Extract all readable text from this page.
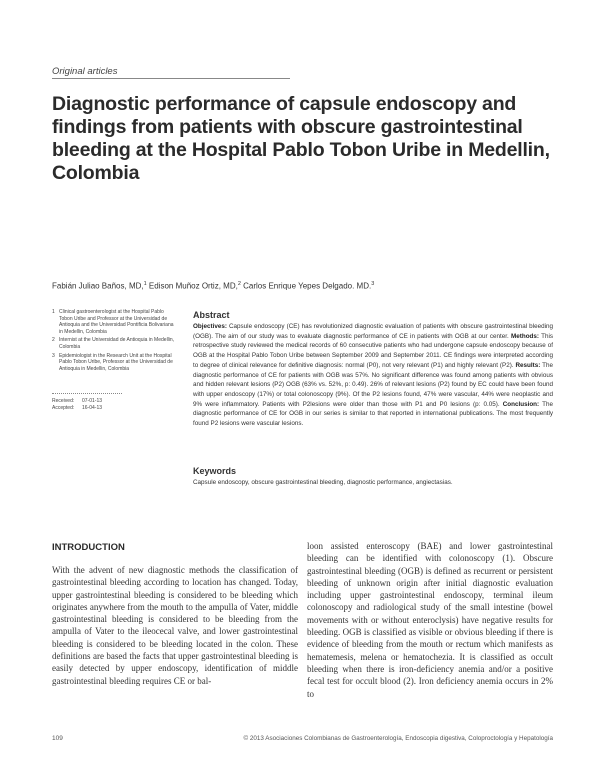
Original articles
Diagnostic performance of capsule endoscopy and findings from patients with obscure gastrointestinal bleeding at the Hospital Pablo Tobon Uribe in Medellin, Colombia
Fabián Juliao Baños, MD,$^1$ Edison Muñoz Ortiz, MD,$^2$ Carlos Enrique Yepes Delgado. MD.$^3$
1 Clinical gastroenterologist at the Hospital Pablo Tobon Uribe and Professor at the Universidad de Antioquia and the Universidad Pontificia Bolivariana in Medellin, Colombia
2 Internist at the Universidad de Antioquia in Medellin, Colombia
3 Epidemiologist in the Research Unit at the Hospital Pablo Tobon Uribe, Professor at the Universidad de Antioquia in Medellin, Colombia
Received:	07-01-13
Accepted:	16-04-13
Abstract
Objectives: Capsule endoscopy (CE) has revolutionized diagnostic evaluation of patients with obscure gastrointestinal bleeding (OGB). The aim of our study was to evaluate diagnostic performance of CE in patients with OGB at our center. Methods: This retrospective study reviewed the medical records of 60 consecutive patients who had undergone capsule endoscopy because of OGB at the Hospital Pablo Tobon Uribe between September 2009 and September 2011. CE findings were interpreted according to degree of clinical relevance for definitive diagnosis: normal (P0), not very relevant (P1) and highly relevant (P2). Results: The diagnostic performance of CE for patients with OGB was 57%. No significant difference was found among patients with obvious and hidden relevant lesions (P2) OGB (63% vs. 52%, p: 0.49). 26% of relevant lesions (P2) found by EC could have been found with upper endoscopy (17%) or total colonoscopy (9%). Of the P2 lesions found, 47% were vascular, 44% were neoplastic and 9% were inflammatory. Patients with P2lesions were older than those with P1 and P0 lesions (p: 0.05). Conclusion: The diagnostic performance of CE for OGB in our series is similar to that reported in international publications. The most frequently found P2 lesions were vascular lesions.
Keywords
Capsule endoscopy, obscure gastrointestinal bleeding, diagnostic performance, angiectasias.
INTRODUCTION
With the advent of new diagnostic methods the classification of gastrointestinal bleeding according to location has changed. Today, upper gastrointestinal bleeding is considered to be bleeding which originates anywhere from the mouth to the ampulla of Vater, middle gastrointestinal bleeding is considered to be bleeding from the ampulla of Vater to the ileocecal valve, and lower gastrointestinal bleeding is considered to be bleeding located in the colon. These definitions are based the facts that upper gastrointestinal bleeding is easily detected by upper endoscopy, identification of middle gastrointestinal bleeding requires CE or bal-
loon assisted enteroscopy (BAE) and lower gastrointestinal bleeding can be identified with colonoscopy (1). Obscure gastrointestinal bleeding (OGB) is defined as recurrent or persistent bleeding of unknown origin after initial diagnostic evaluation including upper gastrointestinal endoscopy, terminal ileum colonoscopy and radiological study of the small intestine (bowel movements with or without enteroclysis) have negative results for bleeding. OGB is classified as visible or obvious bleeding if there is evidence of bleeding from the mouth or rectum which manifests as hematemesis, melena or hematochezia. It is classified as occult bleeding when there is iron-deficiency anemia and/or a positive fecal test for occult blood (2). Iron deficiency anemia occurs in 2% to
109	© 2013 Asociaciones Colombianas de Gastroenterología, Endoscopia digestiva, Coloproctología y Hepatología
